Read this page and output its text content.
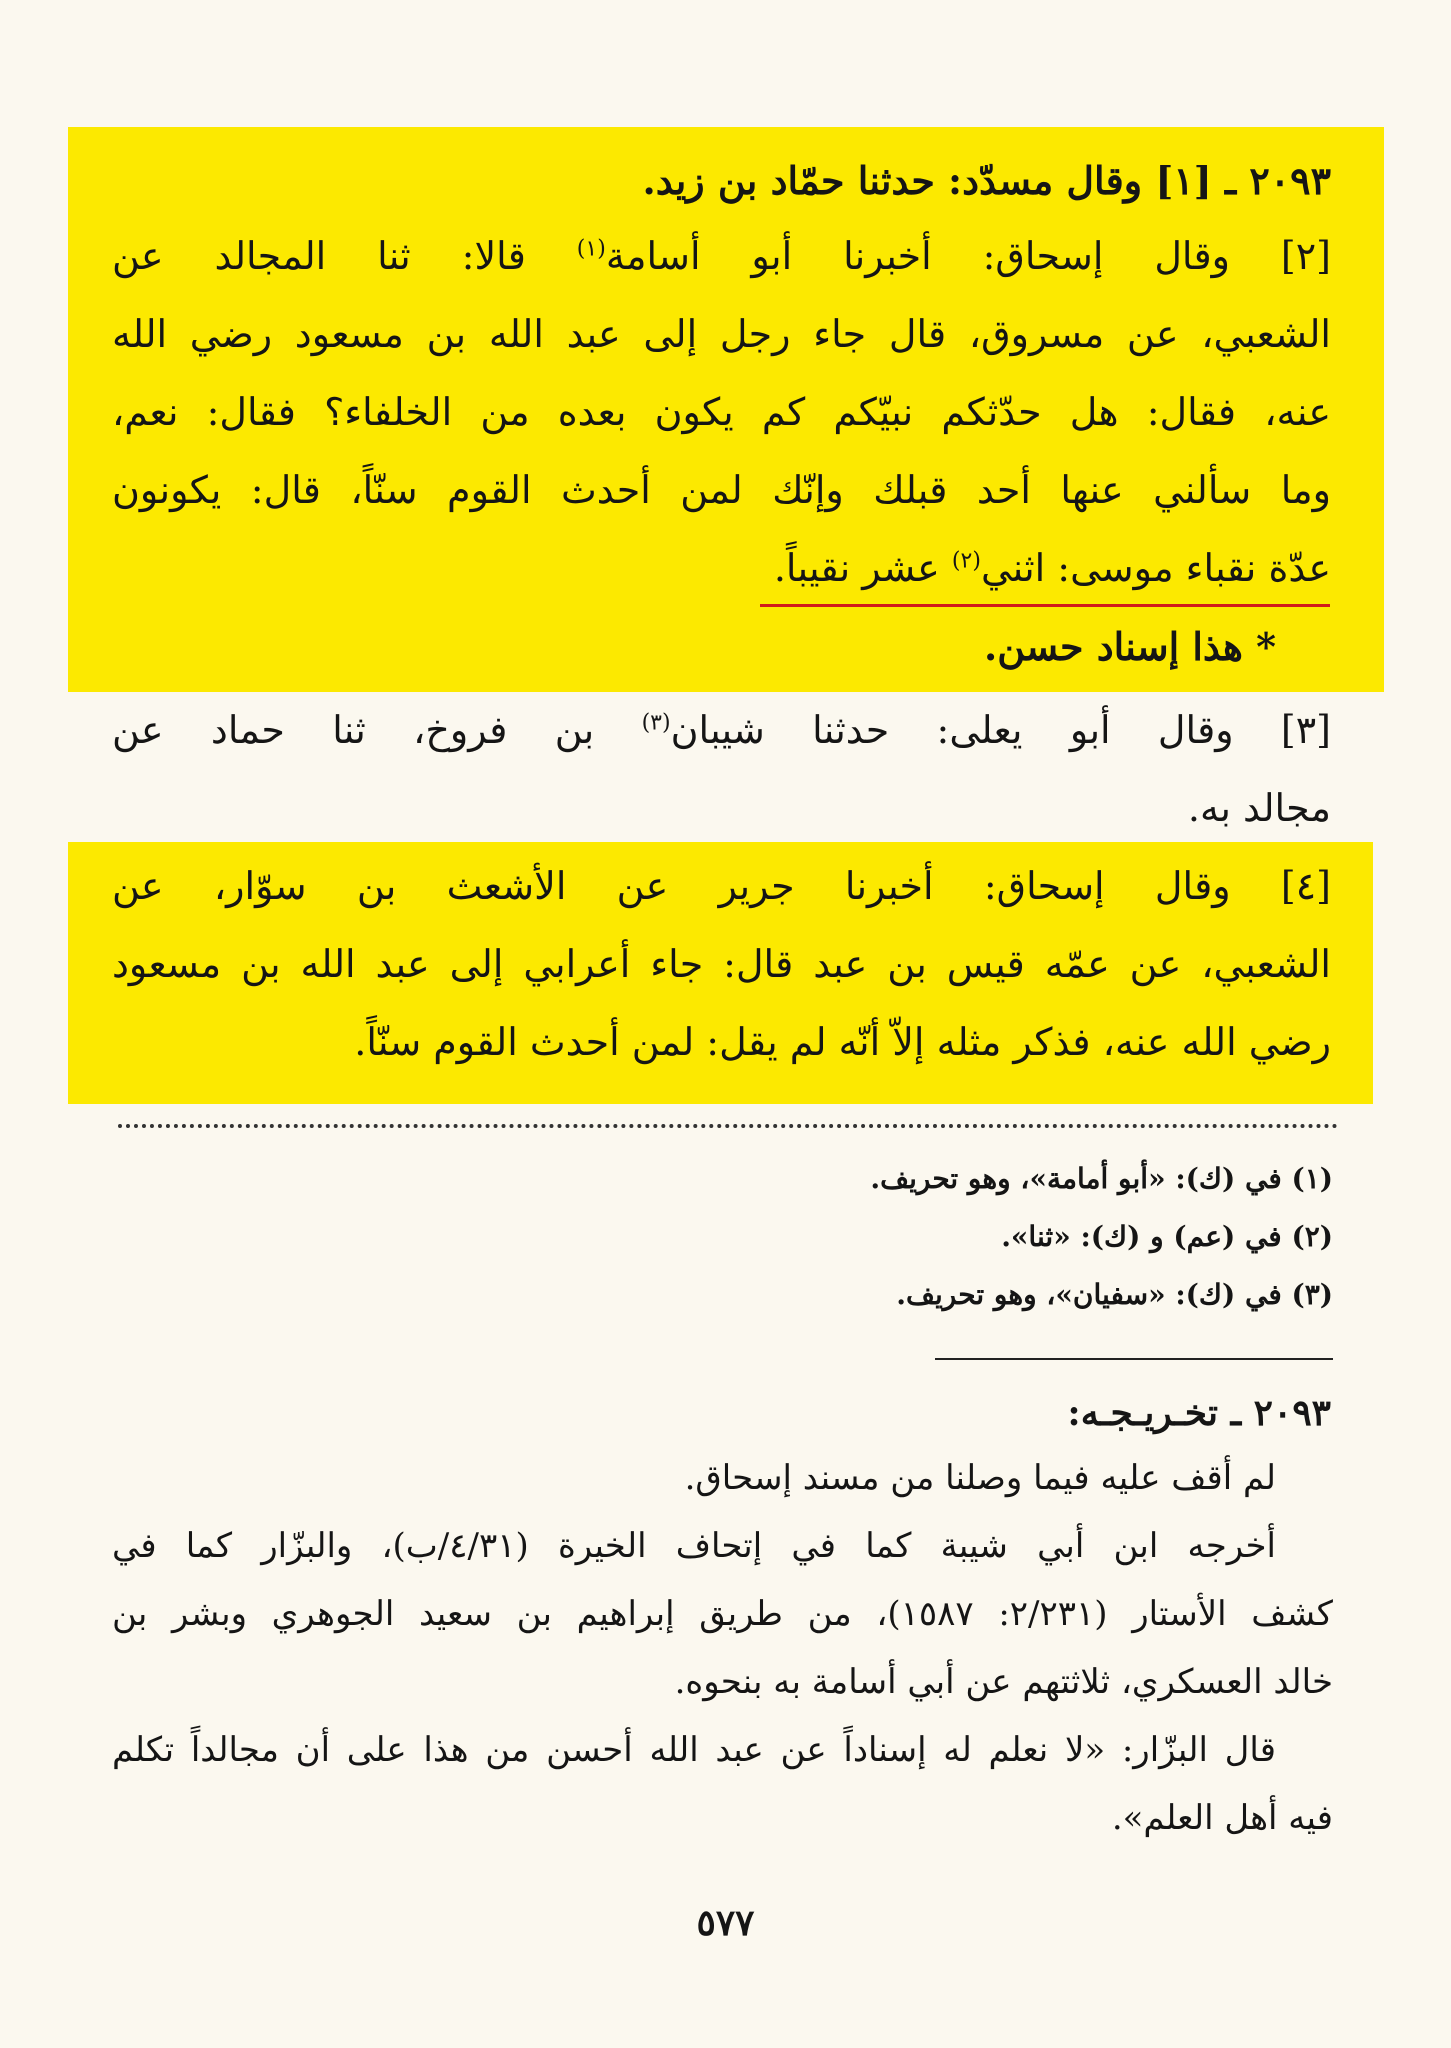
٢٠٩٣ ـ [١] وقال مسدّد: حدثنا حمّاد بن زيد.
[٢] وقال إسحاق: أخبرنا أبو أسامة$^{(١)}$ قالا: ثنا المجالد عن
الشعبي، عن مسروق، قال جاء رجل إلى عبد الله بن مسعود رضي الله
عنه، فقال: هل حدّثكم نبيّكم كم يكون بعده من الخلفاء؟ فقال: نعم،
وما سألني عنها أحد قبلك وإنّك لمن أحدث القوم سنّاً، قال: يكونون
عدّة نقباء موسى: اثني$^{(٢)}$ عشر نقيباً.
* هذا إسناد حسن.
[٣] وقال أبو يعلى: حدثنا شيبان$^{(٣)}$ بن فروخ، ثنا حماد عن
مجالد به.
[٤] وقال إسحاق: أخبرنا جرير عن الأشعث بن سوّار، عن
الشعبي، عن عمّه قيس بن عبد قال: جاء أعرابي إلى عبد الله بن مسعود
رضي الله عنه، فذكر مثله إلاّ أنّه لم يقل: لمن أحدث القوم سنّاً.
(١) في (ك): «أبو أمامة»، وهو تحريف.
(٢) في (عم) و (ك): «ثنا».
(٣) في (ك): «سفيان»، وهو تحريف.
٢٠٩٣ ـ تخـريـجـه:
لم أقف عليه فيما وصلنا من مسند إسحاق.
أخرجه ابن أبي شيبة كما في إتحاف الخيرة (٤/٣١/ب)، والبزّار كما في
كشف الأستار (٢/٢٣١: ١٥٨٧)، من طريق إبراهيم بن سعيد الجوهري وبشر بن
خالد العسكري، ثلاثتهم عن أبي أسامة به بنحوه.
قال البزّار: «لا نعلم له إسناداً عن عبد الله أحسن من هذا على أن مجالداً تكلم
فيه أهل العلم».
٥٧٧
